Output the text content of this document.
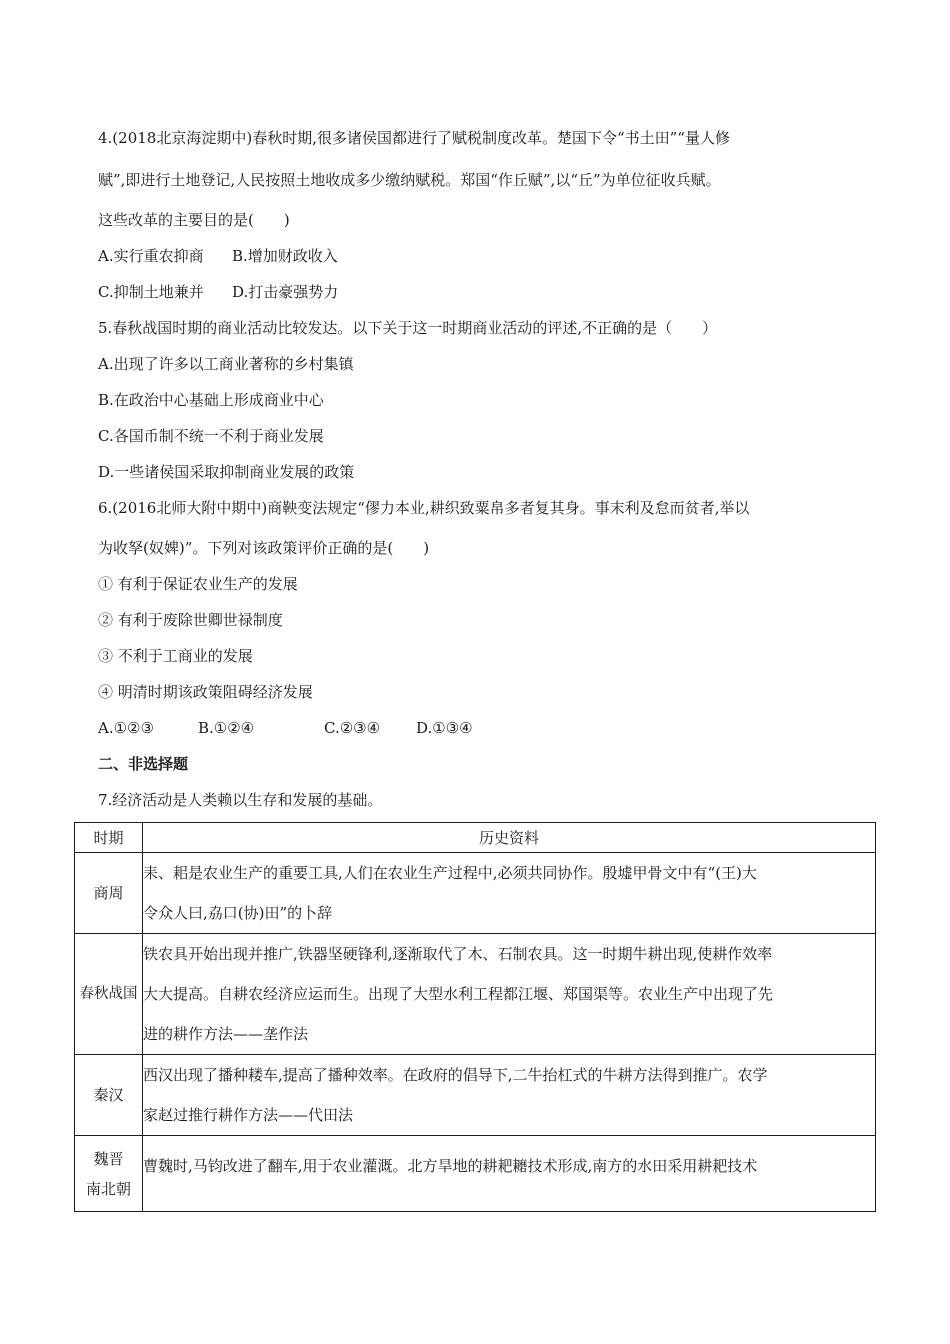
4.(2018北京海淀期中)春秋时期,很多诸侯国都进行了赋税制度改革。楚国下令“书土田”“量人修
赋”,即进行土地登记,人民按照土地收成多少缴纳赋税。郑国“作丘赋”,以“丘”为单位征收兵赋。
这些改革的主要目的是(　　)
A.实行重农抑商 B.增加财政收入
C.抑制土地兼并 D.打击豪强势力
5.春秋战国时期的商业活动比较发达。以下关于这一时期商业活动的评述,不正确的是（　　）
A.出现了许多以工商业著称的乡村集镇
B.在政治中心基础上形成商业中心
C.各国币制不统一不利于商业发展
D.一些诸侯国采取抑制商业发展的政策
6.(2016北师大附中期中)商鞅变法规定“僇力本业,耕织致粟帛多者复其身。事末利及怠而贫者,举以
为收孥(奴婢)”。下列对该政策评价正确的是(　　)
① 有利于保证农业生产的发展
② 有利于废除世卿世禄制度
③ 不利于工商业的发展
④ 明清时期该政策阻碍经济发展
A.①②③	B.①②④	C.②③④ D.①③④
二、非选择题
7.经济活动是人类赖以生存和发展的基础。
时期	历史资料

商周	耒、耜是农业生产的重要工具,人们在农业生产过程中,必须共同协作。殷墟甲骨文中有“(王)大
令众人曰,劦口(协)田”的卜辞

春秋战国	铁农具开始出现并推广,铁器坚硬锋利,逐渐取代了木、石制农具。这一时期牛耕出现,使耕作效率
大大提高。自耕农经济应运而生。出现了大型水利工程都江堰、郑国渠等。农业生产中出现了先
进的耕作方法——垄作法

秦汉	西汉出现了播种耧车,提高了播种效率。在政府的倡导下,二牛抬杠式的牛耕方法得到推广。农学
家赵过推行耕作方法——代田法

魏晋
南北朝	曹魏时,马钧改进了翻车,用于农业灌溉。北方旱地的耕耙耱技术形成,南方的水田采用耕耙技术
